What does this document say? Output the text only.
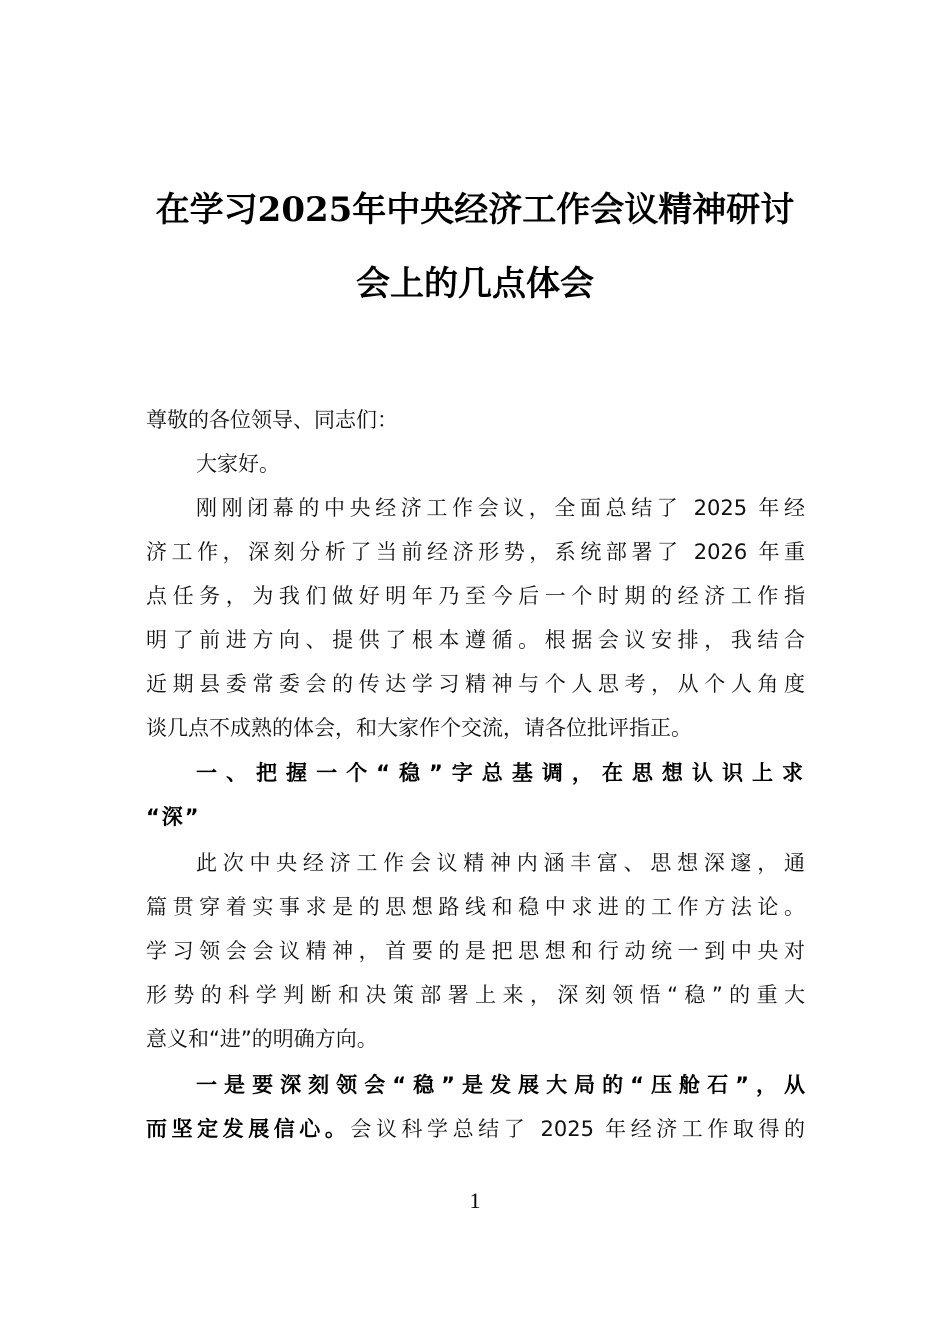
在学习2025年中央经济工作会议精神研讨
会上的几点体会
尊敬的各位领导、同志们：
大家好。
刚刚闭幕的中央经济工作会议，全面总结了 2025 年经
济工作，深刻分析了当前经济形势，系统部署了 2026 年重
点任务，为我们做好明年乃至今后一个时期的经济工作指
明了前进方向、提供了根本遵循。根据会议安排，我结合
近期县委常委会的传达学习精神与个人思考，从个人角度
谈几点不成熟的体会，和大家作个交流，请各位批评指正。
一、把握一个“稳”字总基调，在思想认识上求
“深”
此次中央经济工作会议精神内涵丰富、思想深邃，通
篇贯穿着实事求是的思想路线和稳中求进的工作方法论。
学习领会会议精神，首要的是把思想和行动统一到中央对
形势的科学判断和决策部署上来，深刻领悟“稳”的重大
意义和“进”的明确方向。
一是要深刻领会“稳”是发展大局的“压舱石”，从
而坚定发展信心。会议科学总结了 2025 年经济工作取得的
1
